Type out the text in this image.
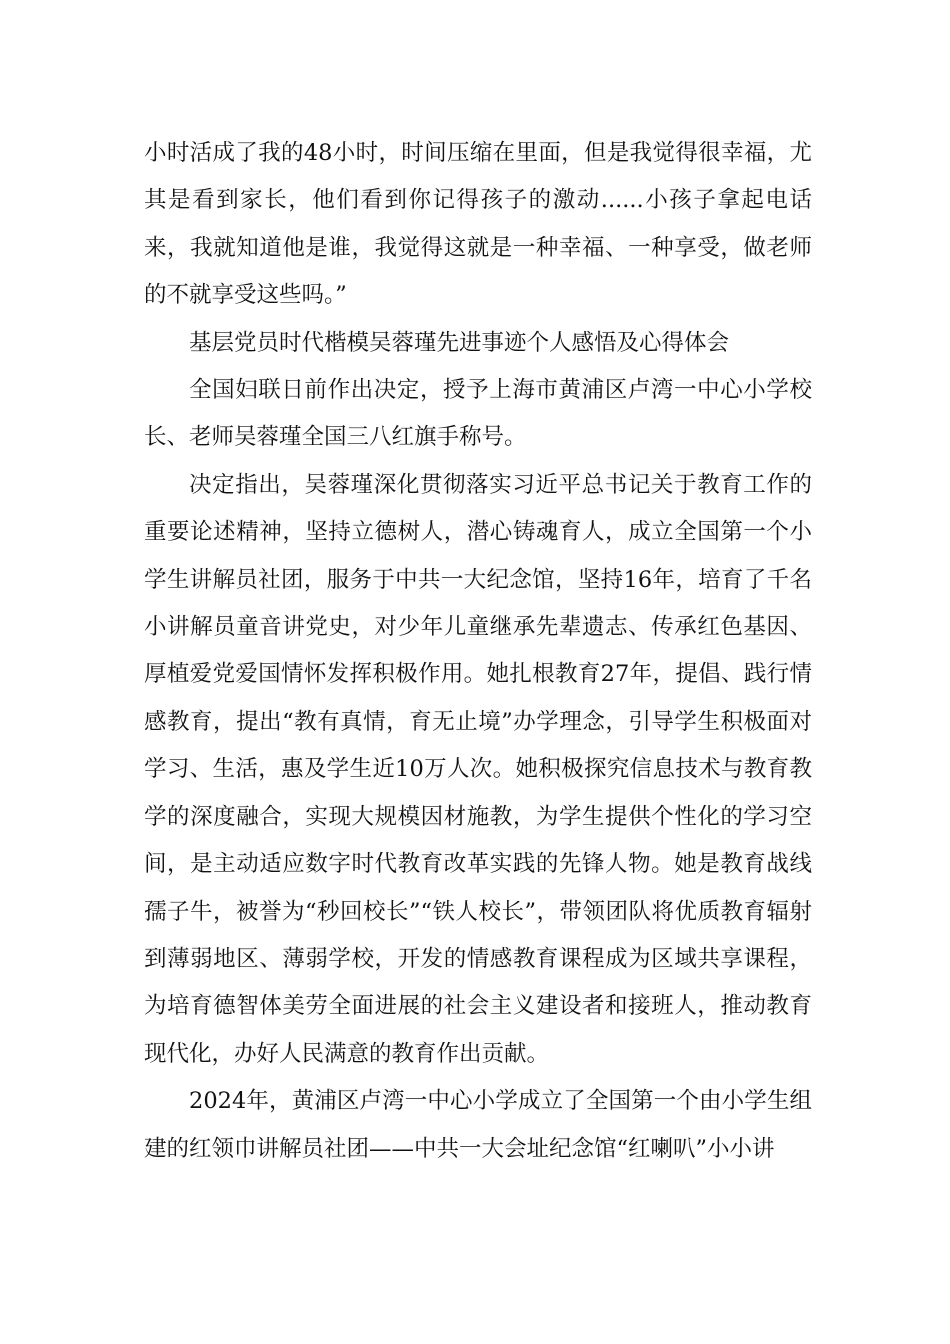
小时活成了我的48小时，时间压缩在里面，但是我觉得很幸福，尤其是看到家长，他们看到你记得孩子的激动......小孩子拿起电话来，我就知道他是谁，我觉得这就是一种幸福、一种享受，做老师的不就享受这些吗。”

基层党员时代楷模吴蓉瑾先进事迹个人感悟及心得体会

全国妇联日前作出决定，授予上海市黄浦区卢湾一中心小学校长、老师吴蓉瑾全国三八红旗手称号。

决定指出，吴蓉瑾深化贯彻落实习近平总书记关于教育工作的重要论述精神，坚持立德树人，潜心铸魂育人，成立全国第一个小学生讲解员社团，服务于中共一大纪念馆，坚持16年，培育了千名小讲解员童音讲党史，对少年儿童继承先辈遗志、传承红色基因、厚植爱党爱国情怀发挥积极作用。她扎根教育27年，提倡、践行情感教育，提出“教有真情，育无止境”办学理念，引导学生积极面对学习、生活，惠及学生近10万人次。她积极探究信息技术与教育教学的深度融合，实现大规模因材施教，为学生提供个性化的学习空间，是主动适应数字时代教育改革实践的先锋人物。她是教育战线孺子牛，被誉为“秒回校长”“铁人校长”，带领团队将优质教育辐射到薄弱地区、薄弱学校，开发的情感教育课程成为区域共享课程，为培育德智体美劳全面进展的社会主义建设者和接班人，推动教育现代化，办好人民满意的教育作出贡献。

2024年，黄浦区卢湾一中心小学成立了全国第一个由小学生组建的红领巾讲解员社团——中共一大会址纪念馆“红喇叭”小小讲
